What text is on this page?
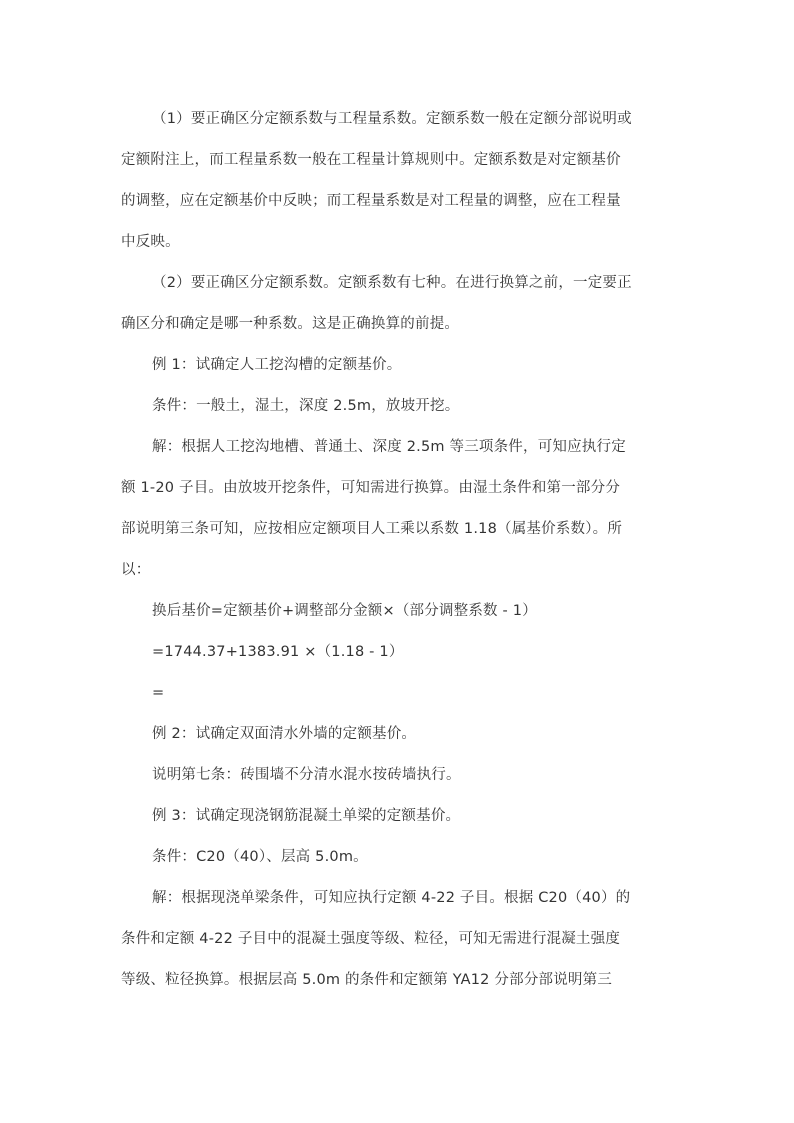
（1）要正确区分定额系数与工程量系数。定额系数一般在定额分部说明或

定额附注上，而工程量系数一般在工程量计算规则中。定额系数是对定额基价

的调整，应在定额基价中反映；而工程量系数是对工程量的调整，应在工程量

中反映。

（2）要正确区分定额系数。定额系数有七种。在进行换算之前，一定要正

确区分和确定是哪一种系数。这是正确换算的前提。

例 1：试确定人工挖沟槽的定额基价。

条件：一般土，湿土，深度 2.5m，放坡开挖。

解：根据人工挖沟地槽、普通土、深度 2.5m 等三项条件，可知应执行定

额 1-20 子目。由放坡开挖条件，可知需进行换算。由湿土条件和第一部分分

部说明第三条可知，应按相应定额项目人工乘以系数 1.18（属基价系数）。所

以：

换后基价=定额基价+调整部分金额×（部分调整系数 - 1）

=1744.37+1383.91 ×（1.18 - 1）

=

例 2：试确定双面清水外墙的定额基价。

说明第七条：砖围墙不分清水混水按砖墙执行。

例 3：试确定现浇钢筋混凝土单梁的定额基价。

条件：C20（40）、层高 5.0m。

解：根据现浇单梁条件，可知应执行定额 4-22 子目。根据 C20（40）的

条件和定额 4-22 子目中的混凝土强度等级、粒径，可知无需进行混凝土强度

等级、粒径换算。根据层高 5.0m 的条件和定额第 YA12 分部分部说明第三
